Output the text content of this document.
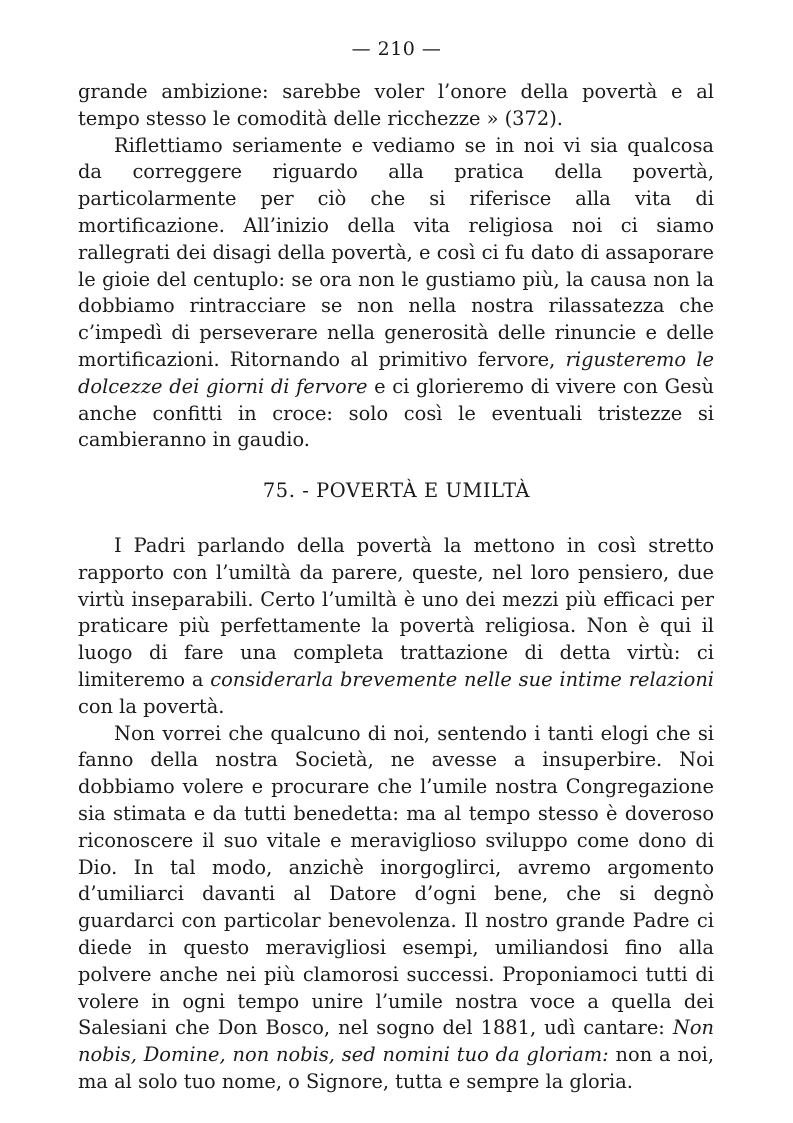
— 210 —

grande ambizione: sarebbe voler l’onore della povertà e al tempo stesso le comodità delle ricchezze » (372).

Riflettiamo seriamente e vediamo se in noi vi sia qualcosa da correggere riguardo alla pratica della povertà, particolarmente per ciò che si riferisce alla vita di mortificazione. All’inizio della vita religiosa noi ci siamo rallegrati dei disagi della povertà, e così ci fu dato di assaporare le gioie del centuplo: se ora non le gustiamo più, la causa non la dobbiamo rintracciare se non nella nostra rilassatezza che c’impedì di perseverare nella generosità delle rinuncie e delle mortificazioni. Ritornando al primitivo fervore, rigusteremo le dolcezze dei giorni di fervore e ci glorieremo di vivere con Gesù anche confitti in croce: solo così le eventuali tristezze si cambieranno in gaudio.

75. - POVERTÀ E UMILTÀ

I Padri parlando della povertà la mettono in così stretto rapporto con l’umiltà da parere, queste, nel loro pensiero, due virtù inseparabili. Certo l’umiltà è uno dei mezzi più efficaci per praticare più perfettamente la povertà religiosa. Non è qui il luogo di fare una completa trattazione di detta virtù: ci limiteremo a considerarla brevemente nelle sue intime relazioni con la povertà.

Non vorrei che qualcuno di noi, sentendo i tanti elogi che si fanno della nostra Società, ne avesse a insuperbire. Noi dobbiamo volere e procurare che l’umile nostra Congregazione sia stimata e da tutti benedetta: ma al tempo stesso è doveroso riconoscere il suo vitale e meraviglioso sviluppo come dono di Dio. In tal modo, anzichè inorgoglirci, avremo argomento d’umiliarci davanti al Datore d’ogni bene, che si degnò guardarci con particolar benevolenza. Il nostro grande Padre ci diede in questo meravigliosi esempi, umiliandosi fino alla polvere anche nei più clamorosi successi. Proponiamoci tutti di volere in ogni tempo unire l’umile nostra voce a quella dei Salesiani che Don Bosco, nel sogno del 1881, udì cantare: Non nobis, Domine, non nobis, sed nomini tuo da gloriam: non a noi, ma al solo tuo nome, o Signore, tutta e sempre la gloria.
